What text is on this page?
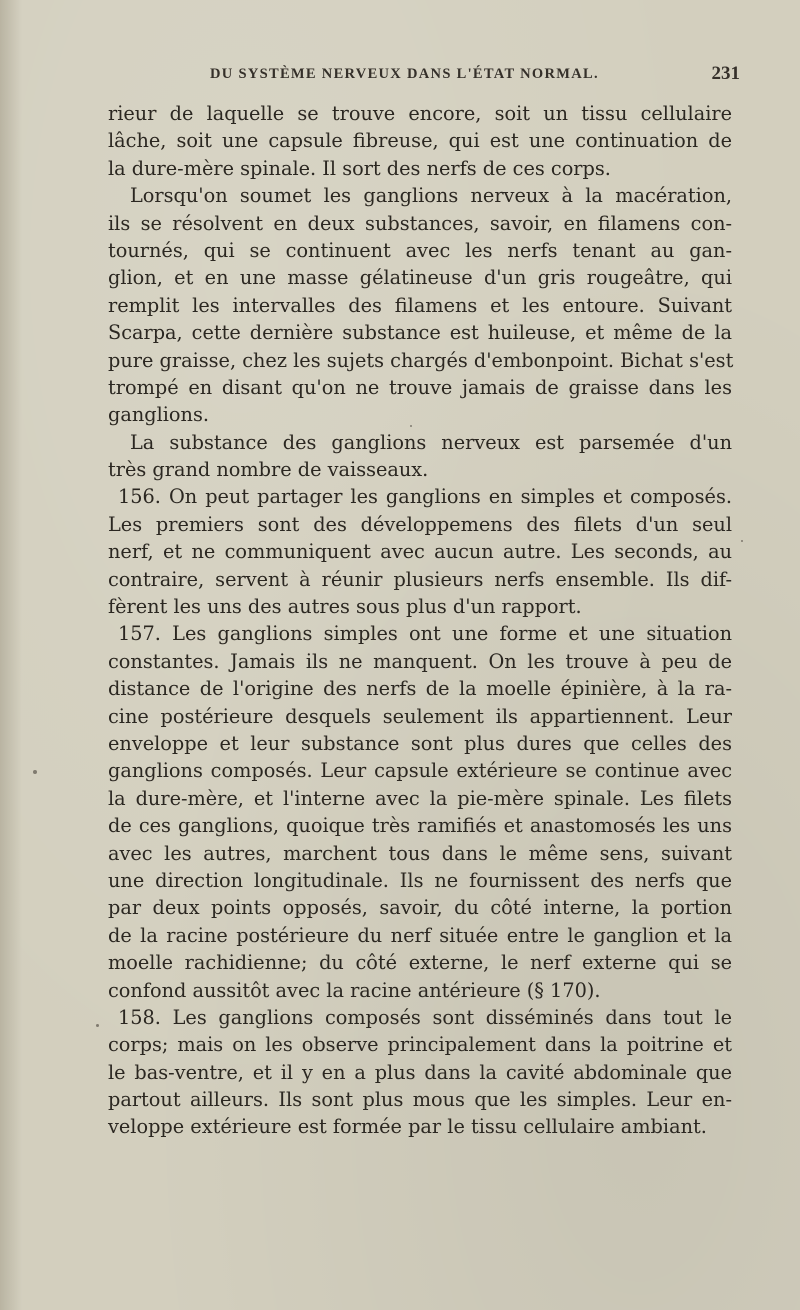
DU SYSTÈME NERVEUX DANS L'ÉTAT NORMAL.	231
rieur de laquelle se trouve encore, soit un tissu cellulaire
lâche, soit une capsule fibreuse, qui est une continuation de
la dure-mère spinale. Il sort des nerfs de ces corps.
Lorsqu'on soumet les ganglions nerveux à la macération,
ils se résolvent en deux substances, savoir, en filamens con-
tournés, qui se continuent avec les nerfs tenant au gan-
glion, et en une masse gélatineuse d'un gris rougeâtre, qui
remplit les intervalles des filamens et les entoure. Suivant
Scarpa, cette dernière substance est huileuse, et même de la
pure graisse, chez les sujets chargés d'embonpoint. Bichat s'est
trompé en disant qu'on ne trouve jamais de graisse dans les
ganglions.
La substance des ganglions nerveux est parsemée d'un
très grand nombre de vaisseaux.
156. On peut partager les ganglions en simples et composés.
Les premiers sont des développemens des filets d'un seul
nerf, et ne communiquent avec aucun autre. Les seconds, au
contraire, servent à réunir plusieurs nerfs ensemble. Ils dif-
fèrent les uns des autres sous plus d'un rapport.
157. Les ganglions simples ont une forme et une situation
constantes. Jamais ils ne manquent. On les trouve à peu de
distance de l'origine des nerfs de la moelle épinière, à la ra-
cine postérieure desquels seulement ils appartiennent. Leur
enveloppe et leur substance sont plus dures que celles des
ganglions composés. Leur capsule extérieure se continue avec
la dure-mère, et l'interne avec la pie-mère spinale. Les filets
de ces ganglions, quoique très ramifiés et anastomosés les uns
avec les autres, marchent tous dans le même sens, suivant
une direction longitudinale. Ils ne fournissent des nerfs que
par deux points opposés, savoir, du côté interne, la portion
de la racine postérieure du nerf située entre le ganglion et la
moelle rachidienne; du côté externe, le nerf externe qui se
confond aussitôt avec la racine antérieure (§ 170).
158. Les ganglions composés sont disséminés dans tout le
corps; mais on les observe principalement dans la poitrine et
le bas-ventre, et il y en a plus dans la cavité abdominale que
partout ailleurs. Ils sont plus mous que les simples. Leur en-
veloppe extérieure est formée par le tissu cellulaire ambiant.
